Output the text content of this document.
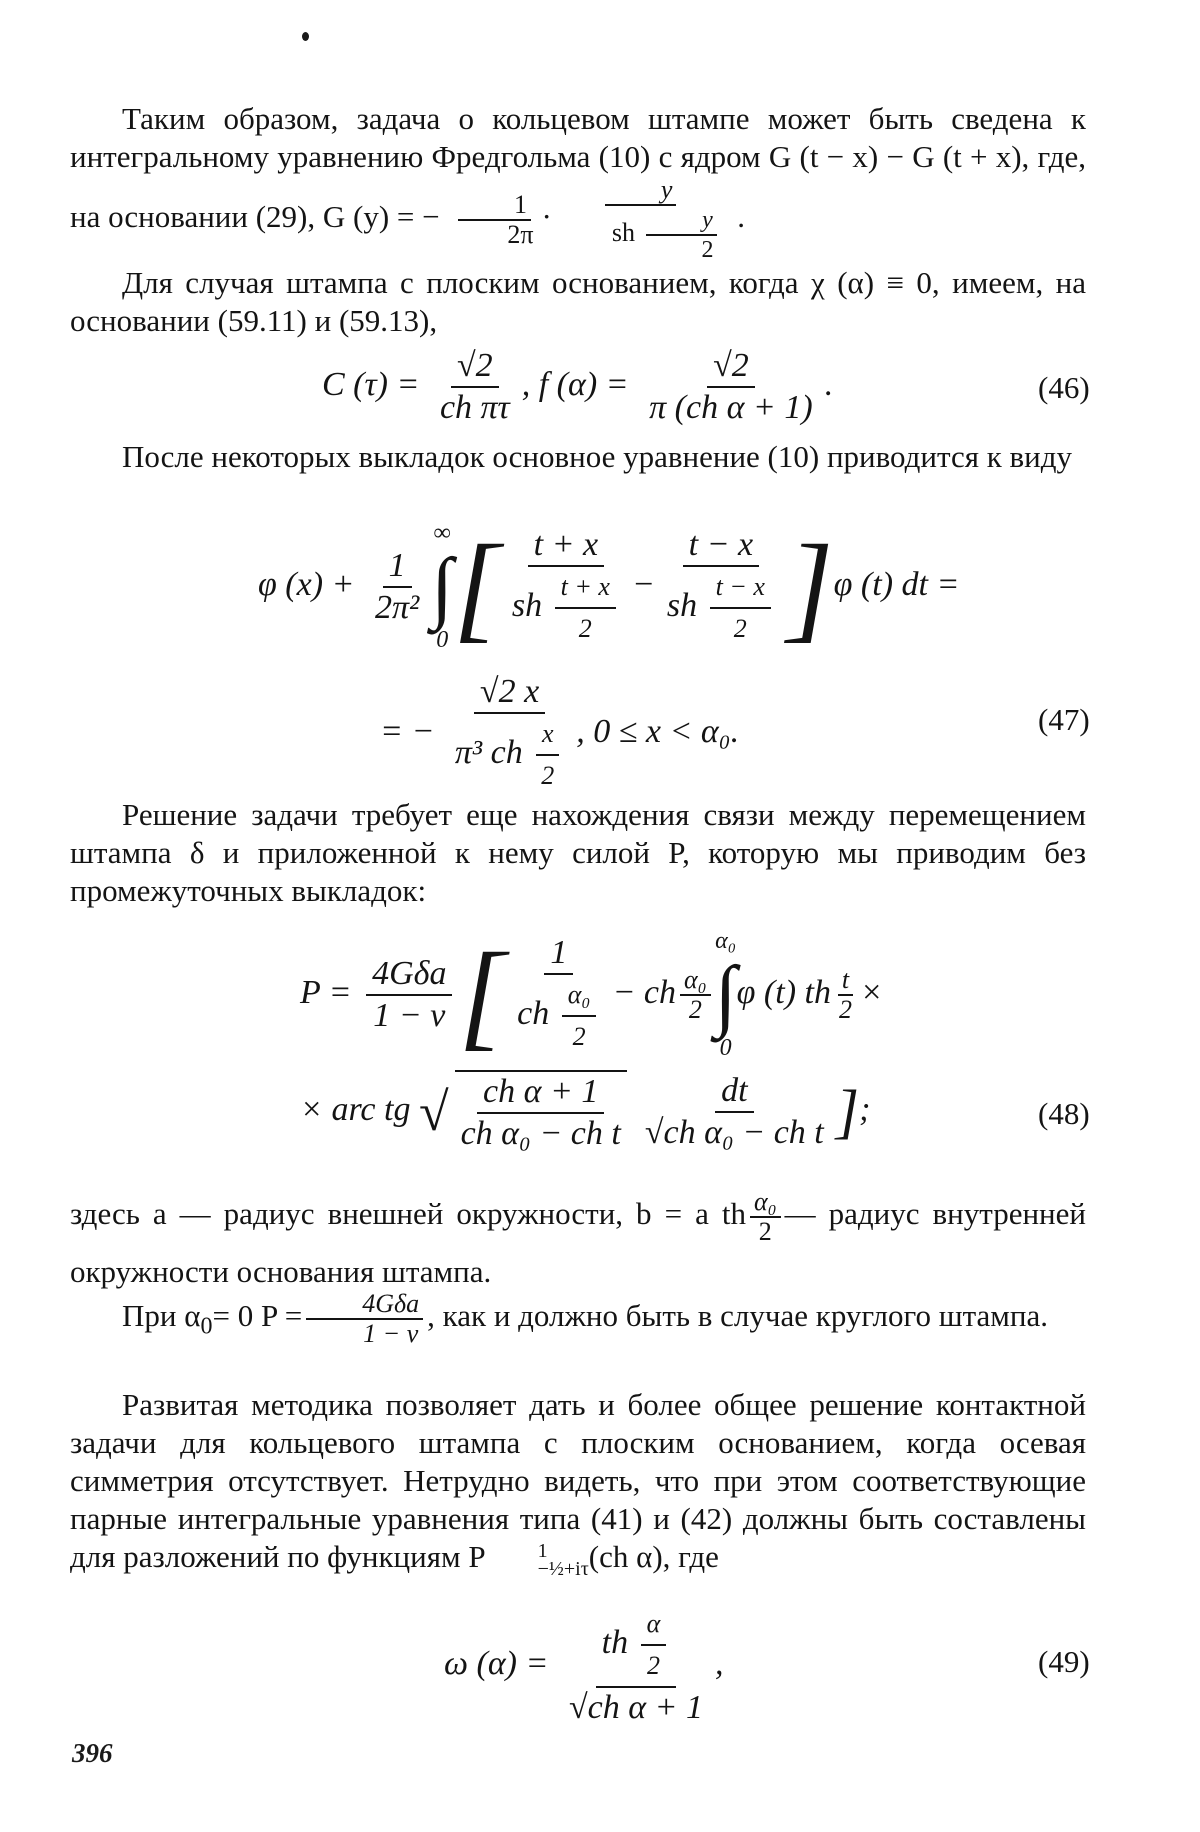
Таким образом, задача о кольцевом штампе может быть сведена к интегральному уравнению Фредгольма (10) с ядром G (t − x) − G (t + x), где, на основании (29), G (y) = − $\frac{1}{2\pi} \cdot \frac{y}{sh \frac{y}{2}}$ .

Для случая штампа с плоским основанием, когда χ (α) ≡ 0, имеем, на основании (59.11) и (59.13),

C $(\tau) = \frac{√2}{\text{ch πτ}}$ , f $(\alpha) = \frac{√2}{\text{π (ch α + 1)}}$ .	(46)

После некоторых выкладок основное уравнение (10) приводится к виду

φ $(x) + \frac{1}{\text{2π²}}$
∞
∫
0 [ $\frac{t + x}{sh \frac{t + x}{2}} - \frac{t - x}{sh \frac{t - x}{2}} ]\varphi$ (t) dt =
= − $\frac{√2 x}{\pi^3 ch \frac{x}{2}}$ , 0 ≤ x < α₀.	(47)

Решение задачи требует еще нахождения связи между перемещением штампа δ и приложенной к нему силой P, которую мы приводим без промежуточных выкладок:

$P = \frac{\text{4Gδa}}{1 - \nu}$ [ $\frac{1}{ch \frac{\text{α₀}}{2}}$ − ch $\frac{\text{α₀}}{2}$
α₀
∫
0
φ (t) th $\frac{t}{2}$ ×
× arc tg √ $\frac{\text{ch α + 1}}{\text{ch α₀ − ch t}} \frac{dt}{\text{√ch α₀ − ch t}}$ ];	(48)

здесь a — радиус внешней окружности, b = a th $\frac{\text{α₀}}{2}$ — радиус внутренней окружности основания штампа.

При $\alpha_0= 0$ $P = \frac{\text{4Gδa}}{1 - \nu}$ , как и должно быть в случае круглого штампа.

Развитая методика позволяет дать и более общее решение контактной задачи для кольцевого штампа с плоским основанием, когда осевая симметрия отсутствует. Нетрудно видеть, что при этом соответствующие парные интегральные уравнения типа (41) и (42) должны быть составлены для разложений по функциям P	1
−½+iτ (ch α), где

ω $(\alpha) = \frac{th \frac{\alpha}{2}}{\text{√ch α + 1}}$ ,	(49)
396
